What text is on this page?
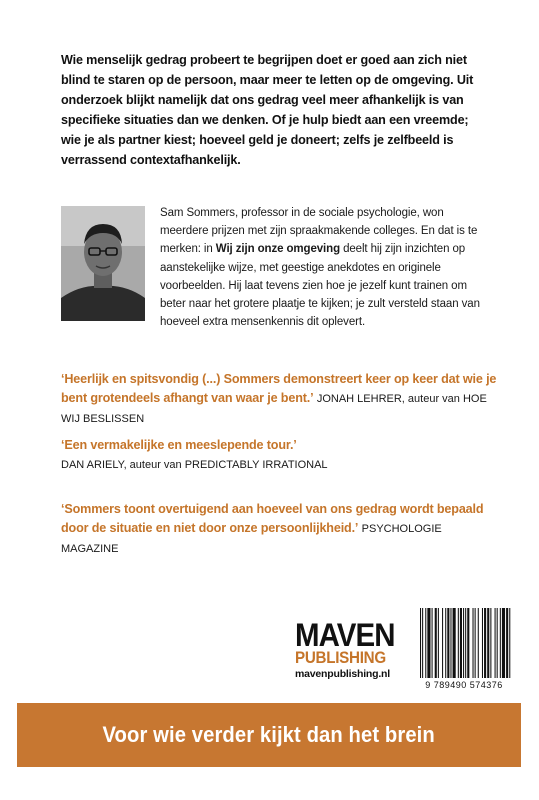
Wie menselijk gedrag probeert te begrijpen doet er goed aan zich niet blind te staren op de persoon, maar meer te letten op de omgeving. Uit onderzoek blijkt namelijk dat ons gedrag veel meer afhankelijk is van specifieke situaties dan we denken. Of je hulp biedt aan een vreemde; wie je als partner kiest; hoeveel geld je doneert; zelfs je zelfbeeld is verrassend contextafhankelijk.

Sam Sommers, professor in de sociale psychologie, won meerdere prijzen met zijn spraakmakende colleges. En dat is te merken: in Wij zijn onze omgeving deelt hij zijn inzichten op aanstekelijke wijze, met geestige anekdotes en originele voorbeelden. Hij laat tevens zien hoe je jezelf kunt trainen om beter naar het grotere plaatje te kijken; je zult versteld staan van hoeveel extra mensenkennis dit oplevert.

‘Heerlijk en spitsvondig (...) Sommers demonstreert keer op keer dat wie je bent grotendeels afhangt van waar je bent.’ JONAH LEHRER, auteur van HOE WIJ BESLISSEN

‘Een vermakelijke en meeslepende tour.’
DAN ARIELY, auteur van PREDICTABLY IRRATIONAL

‘Sommers toont overtuigend aan hoeveel van ons gedrag wordt bepaald door de situatie en niet door onze persoonlijkheid.’ PSYCHOLOGIE MAGAZINE

MAVEN
PUBLISHING
mavenpublishing.nl
9 789490 574376
Voor wie verder kijkt dan het brein
